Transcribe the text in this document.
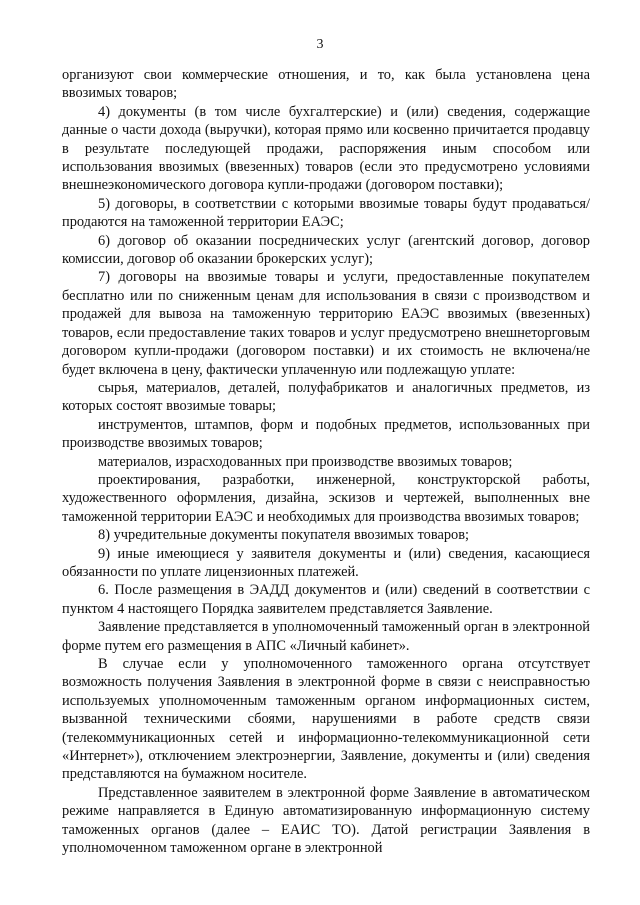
3

организуют свои коммерческие отношения, и то, как была установлена цена ввозимых товаров;

4) документы (в том числе бухгалтерские) и (или) сведения, содержащие данные о части дохода (выручки), которая прямо или косвенно причитается продавцу в результате последующей продажи, распоряжения иным способом или использования ввозимых (ввезенных) товаров (если это предусмотрено условиями внешнеэкономического договора купли-продажи (договором поставки);

5) договоры, в соответствии с которыми ввозимые товары будут продаваться/продаются на таможенной территории ЕАЭС;

6) договор об оказании посреднических услуг (агентский договор, договор комиссии, договор об оказании брокерских услуг);

7) договоры на ввозимые товары и услуги, предоставленные покупателем бесплатно или по сниженным ценам для использования в связи с производством и продажей для вывоза на таможенную территорию ЕАЭС ввозимых (ввезенных) товаров, если предоставление таких товаров и услуг предусмотрено внешнеторговым договором купли-продажи (договором поставки) и их стоимость не включена/не будет включена в цену, фактически уплаченную или подлежащую уплате:

сырья, материалов, деталей, полуфабрикатов и аналогичных предметов, из которых состоят ввозимые товары;

инструментов, штампов, форм и подобных предметов, использованных при производстве ввозимых товаров;

материалов, израсходованных при производстве ввозимых товаров;

проектирования, разработки, инженерной, конструкторской работы, художественного оформления, дизайна, эскизов и чертежей, выполненных вне таможенной территории ЕАЭС и необходимых для производства ввозимых товаров;

8) учредительные документы покупателя ввозимых товаров;

9) иные имеющиеся у заявителя документы и (или) сведения, касающиеся обязанности по уплате лицензионных платежей.

6. После размещения в ЭАДД документов и (или) сведений в соответствии с пунктом 4 настоящего Порядка заявителем представляется Заявление.

Заявление представляется в уполномоченный таможенный орган в электронной форме путем его размещения в АПС «Личный кабинет».

В случае если у уполномоченного таможенного органа отсутствует возможность получения Заявления в электронной форме в связи с неисправностью используемых уполномоченным таможенным органом информационных систем, вызванной техническими сбоями, нарушениями в работе средств связи (телекоммуникационных сетей и информационно-телекоммуникационной сети «Интернет»), отключением электроэнергии, Заявление, документы и (или) сведения представляются на бумажном носителе.

Представленное заявителем в электронной форме Заявление в автоматическом режиме направляется в Единую автоматизированную информационную систему таможенных органов (далее – ЕАИС ТО). Датой регистрации Заявления в уполномоченном таможенном органе в электронной
